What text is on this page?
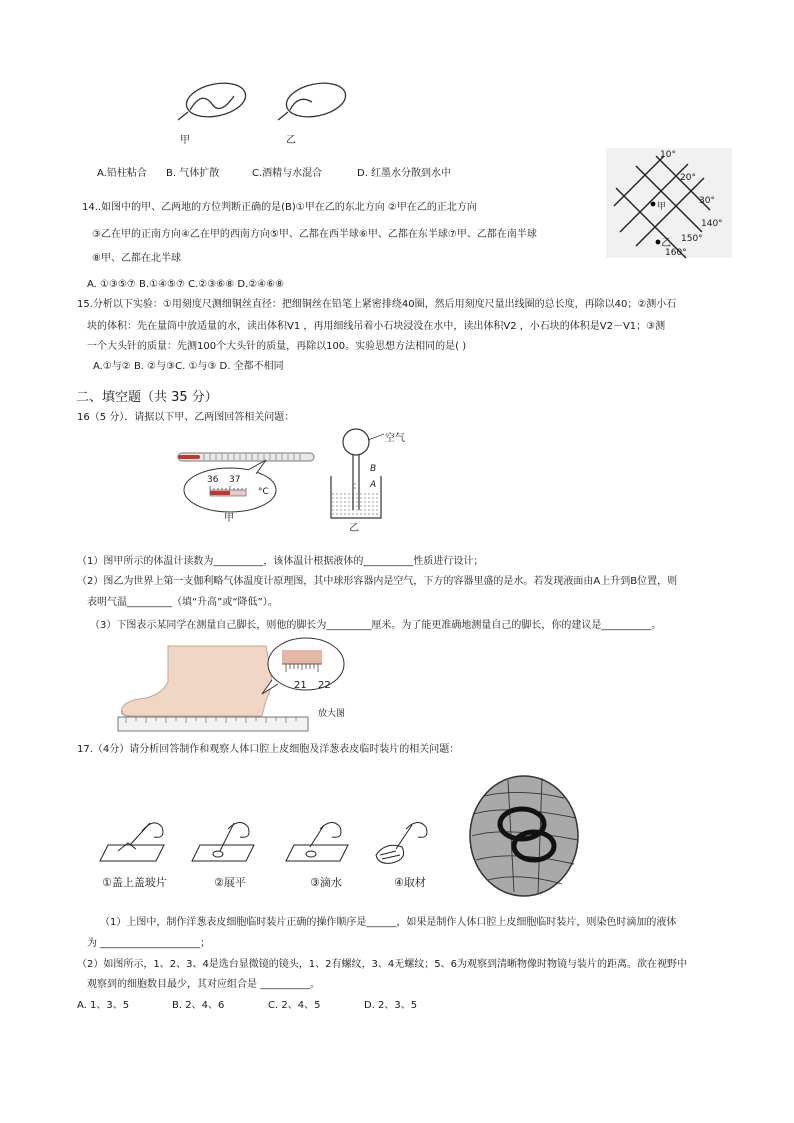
甲	乙
A.铅柱粘合 B. 气体扩散	C.酒精与水混合	D. 红墨水分散到水中
10°
20°
30°
140°
150°
160°
甲
乙
14..如图中的甲、乙两地的方位判断正确的是(B)①甲在乙的东北方向 ②甲在乙的正北方向
③乙在甲的正南方向④乙在甲的西南方向⑤甲、乙都在西半球⑥甲、乙都在东半球⑦甲、乙都在南半球
⑧甲、乙都在北半球
A. ①③⑤⑦ B.①④⑤⑦ C.②③⑥⑧ D.②④⑥⑧
15.分析以下实验：①用刻度尺测细铜丝直径：把细铜丝在铅笔上紧密排绕40圈，然后用刻度尺量出线圈的总长度，再除以40；②测小石
块的体积：先在量筒中放适量的水，读出体积V1 ，再用细线吊着小石块浸没在水中，读出体积V2 ，小石块的体积是V2－V1；③测
一个大头针的质量：先测100个大头针的质量，再除以100。实验思想方法相同的是( )
A.①与② B. ②与③C. ①与③ D. 全都不相同
二、填空题（共 35 分）
16（5 分）．请据以下甲、乙两图回答相关问题：
36 37
°C
甲
空气
B
A
乙
（1）图甲所示的体温计读数为__________，该体温计根据液体的__________性质进行设计；
（2）图乙为世界上第一支伽利略气体温度计原理图，其中球形容器内是空气，下方的容器里盛的是水。若发现液面由A上升到B位置，则
表明气温_________（填“升高”或“降低”）。
（3）下图表示某同学在测量自己脚长，则他的脚长为_________厘米。为了能更准确地测量自己的脚长，你的建议是__________。
21 22
放大图
17.（4分）请分析回答制作和观察人体口腔上皮细胞及洋葱表皮临时装片的相关问题：
①盖上盖玻片	②展平	③滴水	④取材
（1）上图中，制作洋葱表皮细胞临时装片正确的操作顺序是______，如果是制作人体口腔上皮细胞临时装片，则染色时滴加的液体
为 ____________________；
（2）如图所示，1、2、3、4是选台显微镜的镜头，1、2有螺纹，3、4无螺纹；5、6为观察到清晰物像时物镜与装片的距离。欲在视野中
观察到的细胞数目最少，其对应组合是 __________。
A. 1、3、5	B. 2、4、6	C. 2、4、5	D. 2、3、5
